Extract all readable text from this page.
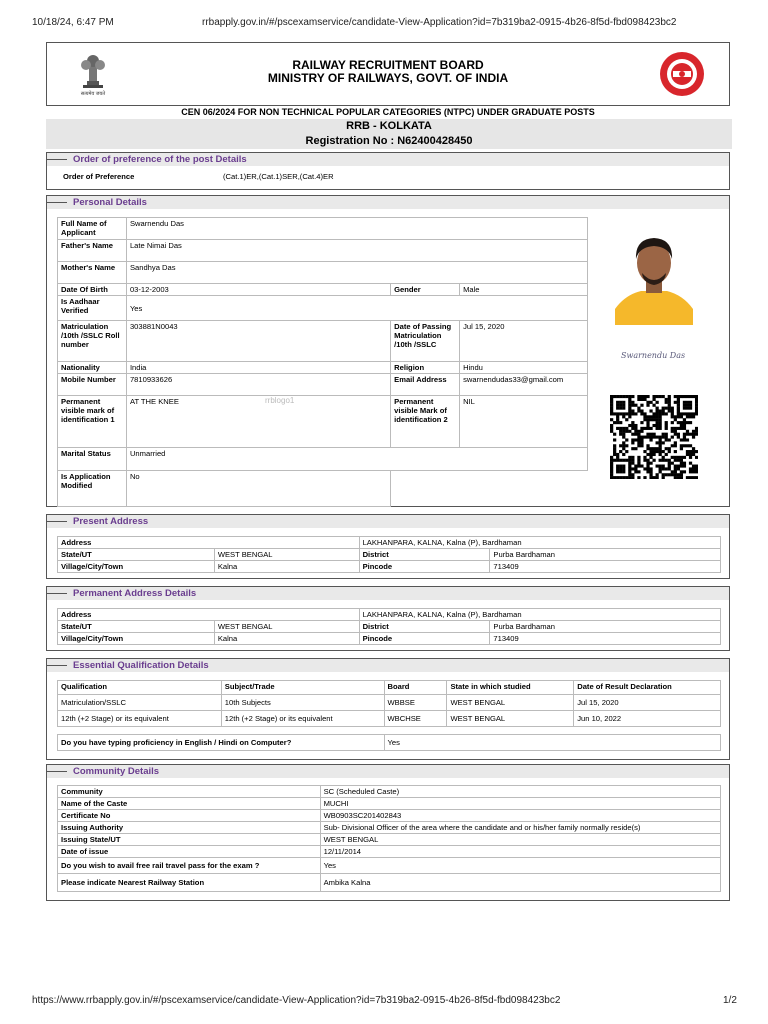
10/18/24, 6:47 PM	rrbapply.gov.in/#/pscexamservice/candidate-View-Application?id=7b319ba2-0915-4b26-8f5d-fbd098423bc2
https://www.rrbapply.gov.in/#/pscexamservice/candidate-View-Application?id=7b319ba2-0915-4b26-8f5d-fbd098423bc2	1/2
सत्यमेव जयते
RAILWAY RECRUITMENT BOARD
MINISTRY OF RAILWAYS, GOVT. OF INDIA
CEN 06/2024 FOR NON TECHNICAL POPULAR CATEGORIES (NTPC) UNDER GRADUATE POSTS
RRB - KOLKATA
Registration No : N62400428450
Order of preference of the post Details
Order of Preference	(Cat.1)ER,(Cat.1)SER,(Cat.4)ER
Personal Details
Full Name of Applicant	Swarnendu Das		
Father's Name	Late Nimai Das		
Mother's Name	Sandhya Das		
Date Of Birth	03-12-2003	Gender	Male
Is Aadhaar Verified	Yes		
Matriculation /10th /SSLC Roll number	303881N0043	Date of Passing Matriculation /10th /SSLC	Jul 15, 2020
Nationality	India	Religion	Hindu
Mobile Number	7810933626	Email Address	swarnendudas33@gmail.com
Permanent visible mark of identification 1	AT THE KNEE	Permanent visible Mark of identification 2	NIL
Marital Status	Unmarried		
Is Application Modified	No		
rrblogo1
Swarnendu Das
Present Address
Address		LAKHANPARA, KALNA, Kalna (P), Bardhaman	
State/UT	WEST BENGAL	District	Purba Bardhaman
Village/City/Town	Kalna	Pincode	713409
Permanent Address Details
Address		LAKHANPARA, KALNA, Kalna (P), Bardhaman	
State/UT	WEST BENGAL	District	Purba Bardhaman
Village/City/Town	Kalna	Pincode	713409
Essential Qualification Details
Qualification	Subject/Trade	Board	State in which studied	Date of Result Declaration
Matriculation/SSLC	10th Subjects	WBBSE	WEST BENGAL	Jul 15, 2020
12th (+2 Stage) or its equivalent	12th (+2 Stage) or its equivalent	WBCHSE	WEST BENGAL	Jun 10, 2022
Do you have typing proficiency in English / Hindi on Computer?	Yes
Community Details
Community	SC (Scheduled Caste)
Name of the Caste	MUCHI
Certificate No	WB0903SC201402843
Issuing Authority	Sub- Divisional Officer of the area where the candidate and or his/her family normally reside(s)
Issuing State/UT	WEST BENGAL
Date of issue	12/11/2014
Do you wish to avail free rail travel pass for the exam ?	Yes
Please indicate Nearest Railway Station	Ambika Kalna
